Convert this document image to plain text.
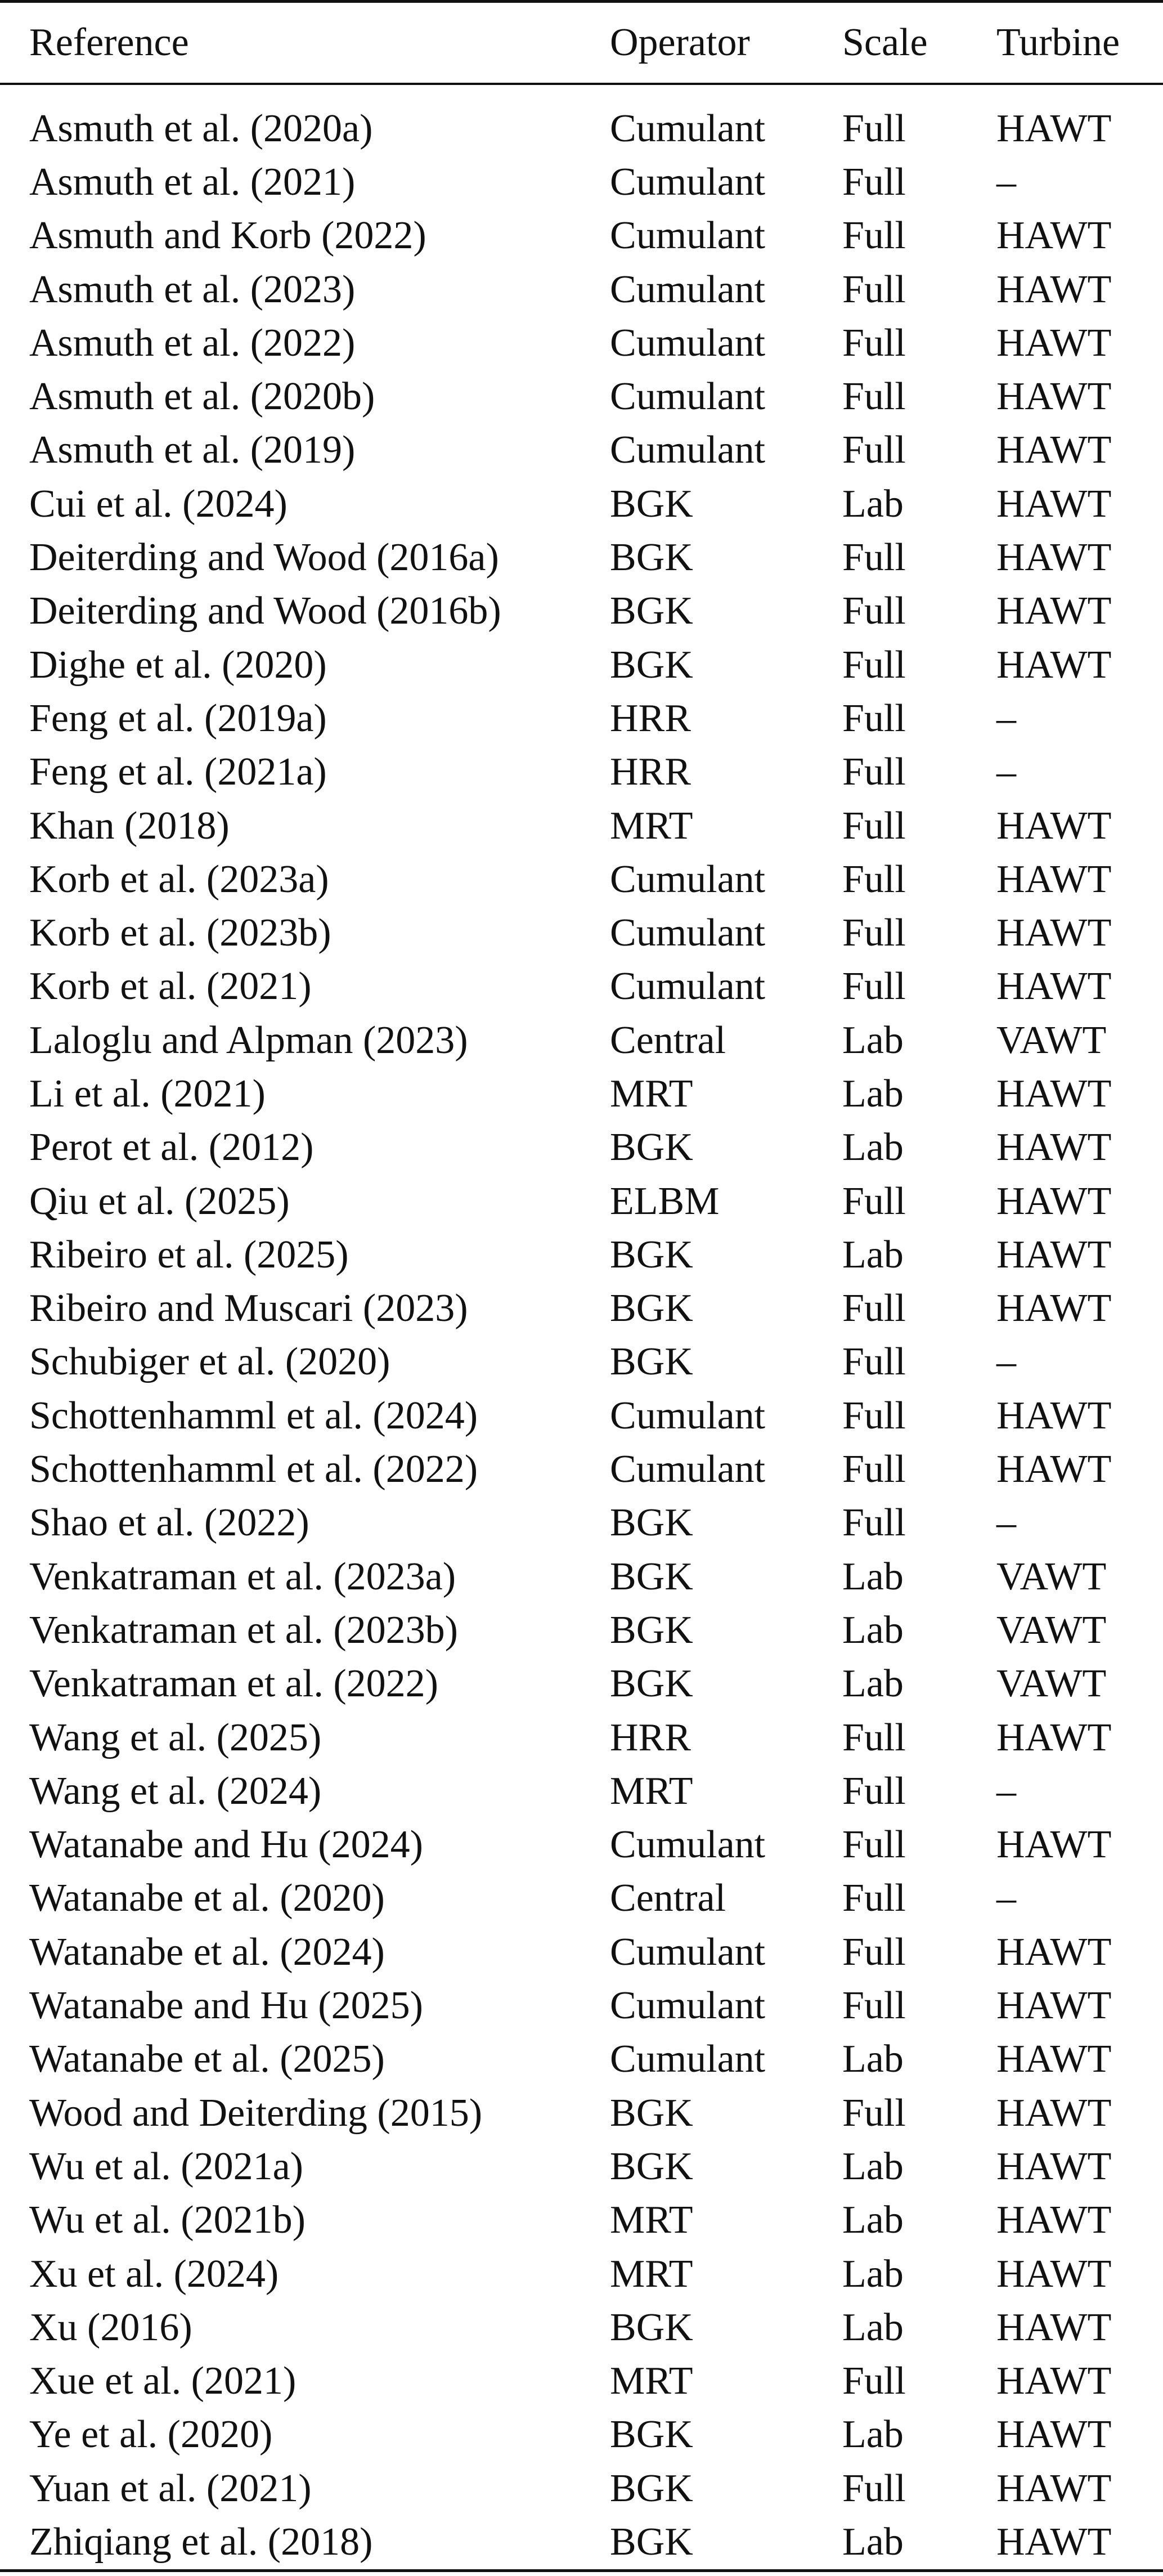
Reference	Operator	Scale	Turbine
Asmuth et al. (2020a)	Cumulant	Full	HAWT
Asmuth et al. (2021)	Cumulant	Full	–
Asmuth and Korb (2022)	Cumulant	Full	HAWT
Asmuth et al. (2023)	Cumulant	Full	HAWT
Asmuth et al. (2022)	Cumulant	Full	HAWT
Asmuth et al. (2020b)	Cumulant	Full	HAWT
Asmuth et al. (2019)	Cumulant	Full	HAWT
Cui et al. (2024)	BGK	Lab	HAWT
Deiterding and Wood (2016a)	BGK	Full	HAWT
Deiterding and Wood (2016b)	BGK	Full	HAWT
Dighe et al. (2020)	BGK	Full	HAWT
Feng et al. (2019a)	HRR	Full	–
Feng et al. (2021a)	HRR	Full	–
Khan (2018)	MRT	Full	HAWT
Korb et al. (2023a)	Cumulant	Full	HAWT
Korb et al. (2023b)	Cumulant	Full	HAWT
Korb et al. (2021)	Cumulant	Full	HAWT
Laloglu and Alpman (2023)	Central	Lab	VAWT
Li et al. (2021)	MRT	Lab	HAWT
Perot et al. (2012)	BGK	Lab	HAWT
Qiu et al. (2025)	ELBM	Full	HAWT
Ribeiro et al. (2025)	BGK	Lab	HAWT
Ribeiro and Muscari (2023)	BGK	Full	HAWT
Schubiger et al. (2020)	BGK	Full	–
Schottenhamml et al. (2024)	Cumulant	Full	HAWT
Schottenhamml et al. (2022)	Cumulant	Full	HAWT
Shao et al. (2022)	BGK	Full	–
Venkatraman et al. (2023a)	BGK	Lab	VAWT
Venkatraman et al. (2023b)	BGK	Lab	VAWT
Venkatraman et al. (2022)	BGK	Lab	VAWT
Wang et al. (2025)	HRR	Full	HAWT
Wang et al. (2024)	MRT	Full	–
Watanabe and Hu (2024)	Cumulant	Full	HAWT
Watanabe et al. (2020)	Central	Full	–
Watanabe et al. (2024)	Cumulant	Full	HAWT
Watanabe and Hu (2025)	Cumulant	Full	HAWT
Watanabe et al. (2025)	Cumulant	Lab	HAWT
Wood and Deiterding (2015)	BGK	Full	HAWT
Wu et al. (2021a)	BGK	Lab	HAWT
Wu et al. (2021b)	MRT	Lab	HAWT
Xu et al. (2024)	MRT	Lab	HAWT
Xu (2016)	BGK	Lab	HAWT
Xue et al. (2021)	MRT	Full	HAWT
Ye et al. (2020)	BGK	Lab	HAWT
Yuan et al. (2021)	BGK	Full	HAWT
Zhiqiang et al. (2018)	BGK	Lab	HAWT
